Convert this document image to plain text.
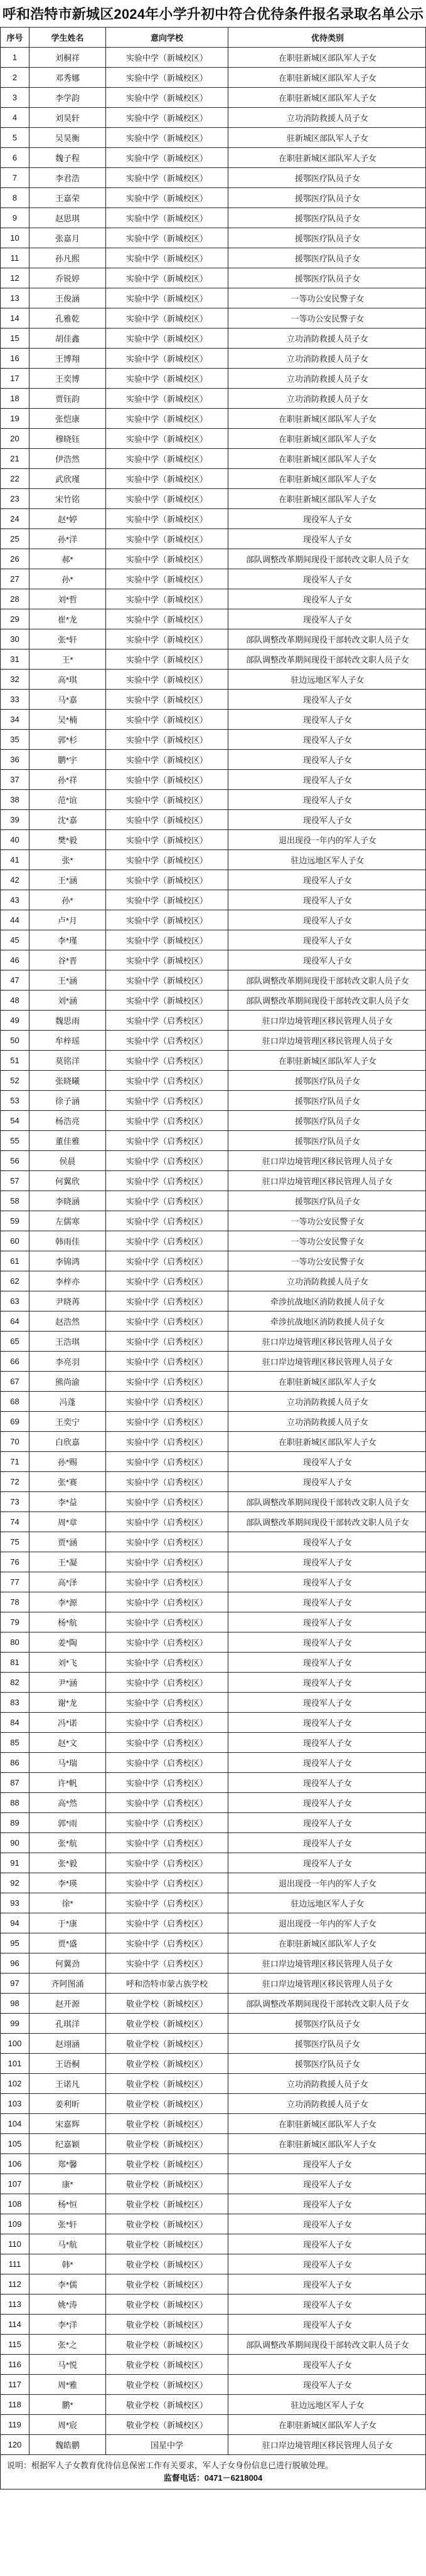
呼和浩特市新城区2024年小学升初中符合优待条件报名录取名单公示
序号	学生姓名	意向学校	优待类别
1	刘桐祥	实验中学（新城校区）	在职驻新城区部队军人子女
2	邓秀娜	实验中学（新城校区）	在职驻新城区部队军人子女
3	李学韵	实验中学（新城校区）	在职驻新城区部队军人子女
4	刘昊轩	实验中学（新城校区）	立功消防救援人员子女
5	吴昊衡	实验中学（新城校区）	驻新城区部队军人子女
6	魏子程	实验中学（新城校区）	在职驻新城区部队军人子女
7	李君浩	实验中学（新城校区）	援鄂医疗队员子女
8	王嘉荣	实验中学（新城校区）	援鄂医疗队员子女
9	赵思琪	实验中学（新城校区）	援鄂医疗队员子女
10	张嘉月	实验中学（新城校区）	援鄂医疗队员子女
11	孙凡熙	实验中学（新城校区）	援鄂医疗队员子女
12	乔锐婷	实验中学（新城校区）	援鄂医疗队员子女
13	王俊涵	实验中学（新城校区）	一等功公安民警子女
14	孔雅乾	实验中学（新城校区）	一等功公安民警子女
15	胡佳鑫	实验中学（新城校区）	立功消防救援人员子女
16	王博翔	实验中学（新城校区）	立功消防救援人员子女
17	王奕博	实验中学（新城校区）	立功消防救援人员子女
18	贾钰韵	实验中学（新城校区）	立功消防救援人员子女
19	张恺康	实验中学（新城校区）	在职驻新城区部队军人子女
20	穆晓钰	实验中学（新城校区）	在职驻新城区部队军人子女
21	伊浩然	实验中学（新城校区）	在职驻新城区部队军人子女
22	武欣瑾	实验中学（新城校区）	在职驻新城区部队军人子女
23	宋竹铭	实验中学（新城校区）	在职驻新城区部队军人子女
24	赵*婷	实验中学（新城校区）	现役军人子女
25	孙*洋	实验中学（新城校区）	现役军人子女
26	郝*	实验中学（新城校区）	部队调整改革期间现役干部转改文职人员子女
27	孙*	实验中学（新城校区）	现役军人子女
28	刘*哲	实验中学（新城校区）	现役军人子女
29	崔*龙	实验中学（新城校区）	现役军人子女
30	张*轩	实验中学（新城校区）	部队调整改革期间现役干部转改文职人员子女
31	王*	实验中学（新城校区）	部队调整改革期间现役干部转改文职人员子女
32	高*琪	实验中学（新城校区）	驻边远地区军人子女
33	马*嘉	实验中学（新城校区）	现役军人子女
34	吴*楠	实验中学（新城校区）	现役军人子女
35	郭*杉	实验中学（新城校区）	现役军人子女
36	鹏*宇	实验中学（新城校区）	现役军人子女
37	孙*祥	实验中学（新城校区）	现役军人子女
38	范*谊	实验中学（新城校区）	现役军人子女
39	沈*嘉	实验中学（新城校区）	现役军人子女
40	樊*毅	实验中学（新城校区）	退出现役一年内的军人子女
41	张*	实验中学（新城校区）	驻边远地区军人子女
42	王*涵	实验中学（新城校区）	现役军人子女
43	孙*	实验中学（新城校区）	现役军人子女
44	卢*月	实验中学（新城校区）	现役军人子女
45	李*瑾	实验中学（新城校区）	现役军人子女
46	谷*晋	实验中学（新城校区）	现役军人子女
47	王*涵	实验中学（新城校区）	部队调整改革期间现役干部转改文职人员子女
48	刘*涵	实验中学（新城校区）	部队调整改革期间现役干部转改文职人员子女
49	魏思雨	实验中学（启秀校区）	驻口岸边境管理区移民管理人员子女
50	牟梓瑶	实验中学（启秀校区）	驻口岸边境管理区移民管理人员子女
51	莫铭洋	实验中学（启秀校区）	在职驻新城区部队军人子女
52	张晓曦	实验中学（启秀校区）	援鄂医疗队员子女
53	徐子涵	实验中学（启秀校区）	援鄂医疗队员子女
54	杨浩亮	实验中学（启秀校区）	援鄂医疗队员子女
55	董佳雅	实验中学（启秀校区）	援鄂医疗队员子女
56	侯晨	实验中学（启秀校区）	驻口岸边境管理区移民管理人员子女
57	何翼欣	实验中学（启秀校区）	驻口岸边境管理区移民管理人员子女
58	李晓涵	实验中学（启秀校区）	援鄂医疗队员子女
59	左儒寒	实验中学（启秀校区）	一等功公安民警子女
60	韩雨佳	实验中学（启秀校区）	一等功公安民警子女
61	李锦鸿	实验中学（启秀校区）	一等功公安民警子女
62	李梓亦	实验中学（启秀校区）	立功消防救援人员子女
63	尹晓苒	实验中学（启秀校区）	牵涉抗战地区消防救援人员子女
64	赵浩然	实验中学（启秀校区）	牵涉抗战地区消防救援人员子女
65	王浩琪	实验中学（启秀校区）	驻口岸边境管理区移民管理人员子女
66	李亮羽	实验中学（启秀校区）	驻口岸边境管理区移民管理人员子女
67	熊尚渝	实验中学（启秀校区）	在职驻新城区部队军人子女
68	冯蓬	实验中学（启秀校区）	立功消防救援人员子女
69	王奕宁	实验中学（启秀校区）	立功消防救援人员子女
70	白欣嘉	实验中学（启秀校区）	在职驻新城区部队军人子女
71	孙*赐	实验中学（启秀校区）	现役军人子女
72	张*赛	实验中学（启秀校区）	现役军人子女
73	李*益	实验中学（启秀校区）	部队调整改革期间现役干部转改文职人员子女
74	周*章	实验中学（启秀校区）	部队调整改革期间现役干部转改文职人员子女
75	贾*涵	实验中学（启秀校区）	现役军人子女
76	王*凝	实验中学（启秀校区）	现役军人子女
77	高*泽	实验中学（启秀校区）	现役军人子女
78	李*源	实验中学（启秀校区）	现役军人子女
79	杨*航	实验中学（启秀校区）	现役军人子女
80	姜*陶	实验中学（启秀校区）	现役军人子女
81	刘*飞	实验中学（启秀校区）	现役军人子女
82	尹*涵	实验中学（启秀校区）	现役军人子女
83	谢*龙	实验中学（启秀校区）	现役军人子女
84	冯*诺	实验中学（启秀校区）	现役军人子女
85	赵*文	实验中学（启秀校区）	现役军人子女
86	马*瑞	实验中学（启秀校区）	现役军人子女
87	许*帆	实验中学（启秀校区）	现役军人子女
88	高*然	实验中学（启秀校区）	现役军人子女
89	郭*雨	实验中学（启秀校区）	现役军人子女
90	张*航	实验中学（启秀校区）	现役军人子女
91	张*毅	实验中学（启秀校区）	现役军人子女
92	李*瑛	实验中学（启秀校区）	退出现役一年内的军人子女
93	徐*	实验中学（启秀校区）	驻边远地区军人子女
94	于*康	实验中学（启秀校区）	退出现役一年内的军人子女
95	贾*盛	实验中学（启秀校区）	在职驻新城区部队军人子女
96	何翼劲	实验中学（启秀校区）	驻口岸边境管理区移民管理人员子女
97	齐阿图涌	呼和浩特市蒙古族学校	驻口岸边境管理区移民管理人员子女
98	赵开源	敬业学校（新城校区）	部队调整改革期间现役干部转改文职人员子女
99	孔琪洋	敬业学校（新城校区）	援鄂医疗队员子女
100	赵翊涵	敬业学校（新城校区）	援鄂医疗队员子女
101	王语桐	敬业学校（新城校区）	援鄂医疗队员子女
102	王诺凡	敬业学校（新城校区）	立功消防救援人员子女
103	姜利昕	敬业学校（新城校区）	立功消防救援人员子女
104	宋嘉辉	敬业学校（新城校区）	在职驻新城区部队军人子女
105	纪嘉颖	敬业学校（新城校区）	在职驻新城区部队军人子女
106	郑*馨	敬业学校（新城校区）	现役军人子女
107	康*	敬业学校（新城校区）	现役军人子女
108	杨*恒	敬业学校（新城校区）	现役军人子女
109	张*轩	敬业学校（新城校区）	现役军人子女
110	马*航	敬业学校（新城校区）	现役军人子女
111	韩*	敬业学校（新城校区）	现役军人子女
112	李*儒	敬业学校（新城校区）	现役军人子女
113	姚*涛	敬业学校（新城校区）	现役军人子女
114	李*洋	敬业学校（新城校区）	现役军人子女
115	张*之	敬业学校（新城校区）	部队调整改革期间现役干部转改文职人员子女
116	马*悦	敬业学校（新城校区）	现役军人子女
117	周*雅	敬业学校（新城校区）	现役军人子女
118	鹏*	敬业学校（新城校区）	驻边远地区军人子女
119	周*宸	敬业学校（新城校区）	在职驻新城区部队军人子女
120	魏皓鹏	国星中学	驻口岸边境管理区移民管理人员子女
说明：根据军人子女教育优待信息保密工作有关要求，军人子女身份信息已进行脱敏处理。
监督电话：0471－6218004
